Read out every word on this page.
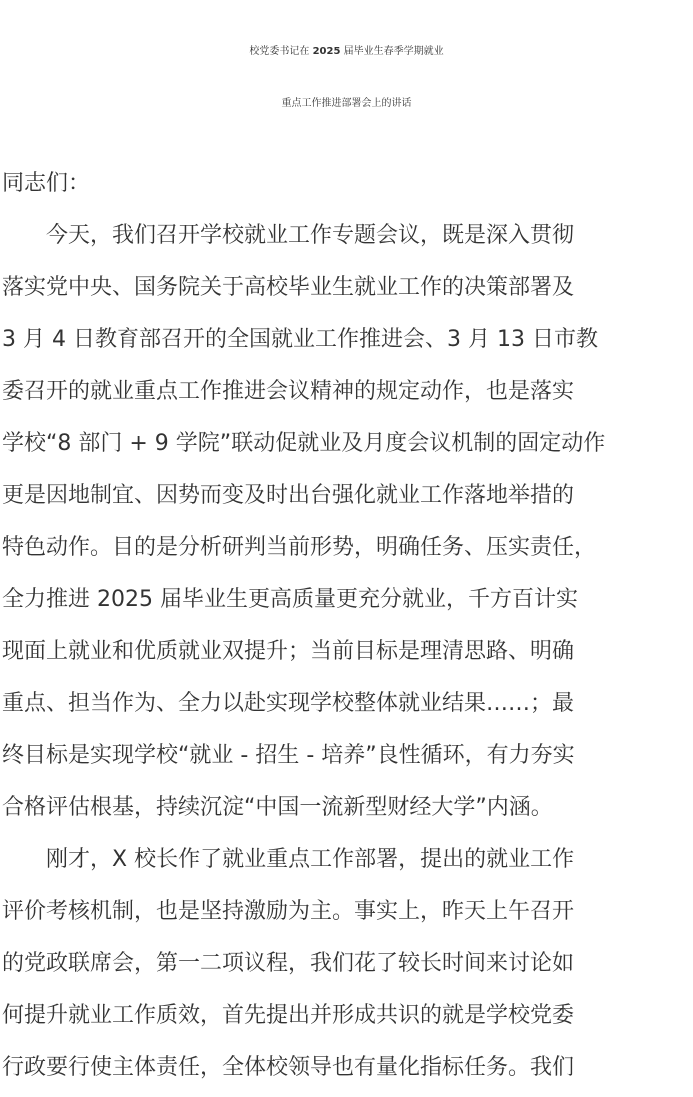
校党委书记在 2025 届毕业生春季学期就业
重点工作推进部署会上的讲话
同志们：
　　今天，我们召开学校就业工作专题会议，既是深入贯彻
落实党中央、国务院关于高校毕业生就业工作的决策部署及
3 月 4 日教育部召开的全国就业工作推进会、3 月 13 日市教
委召开的就业重点工作推进会议精神的规定动作，也是落实
学校“8 部门 + 9 学院”联动促就业及月度会议机制的固定动作
更是因地制宜、因势而变及时出台强化就业工作落地举措的
特色动作。目的是分析研判当前形势，明确任务、压实责任，
全力推进 2025 届毕业生更高质量更充分就业，千方百计实
现面上就业和优质就业双提升；当前目标是理清思路、明确
重点、担当作为、全力以赴实现学校整体就业结果……；最
终目标是实现学校“就业 - 招生 - 培养”良性循环，有力夯实
合格评估根基，持续沉淀“中国一流新型财经大学”内涵。
　　刚才，X 校长作了就业重点工作部署，提出的就业工作
评价考核机制，也是坚持激励为主。事实上，昨天上午召开
的党政联席会，第一二项议程，我们花了较长时间来讨论如
何提升就业工作质效，首先提出并形成共识的就是学校党委
行政要行使主体责任，全体校领导也有量化指标任务。我们
